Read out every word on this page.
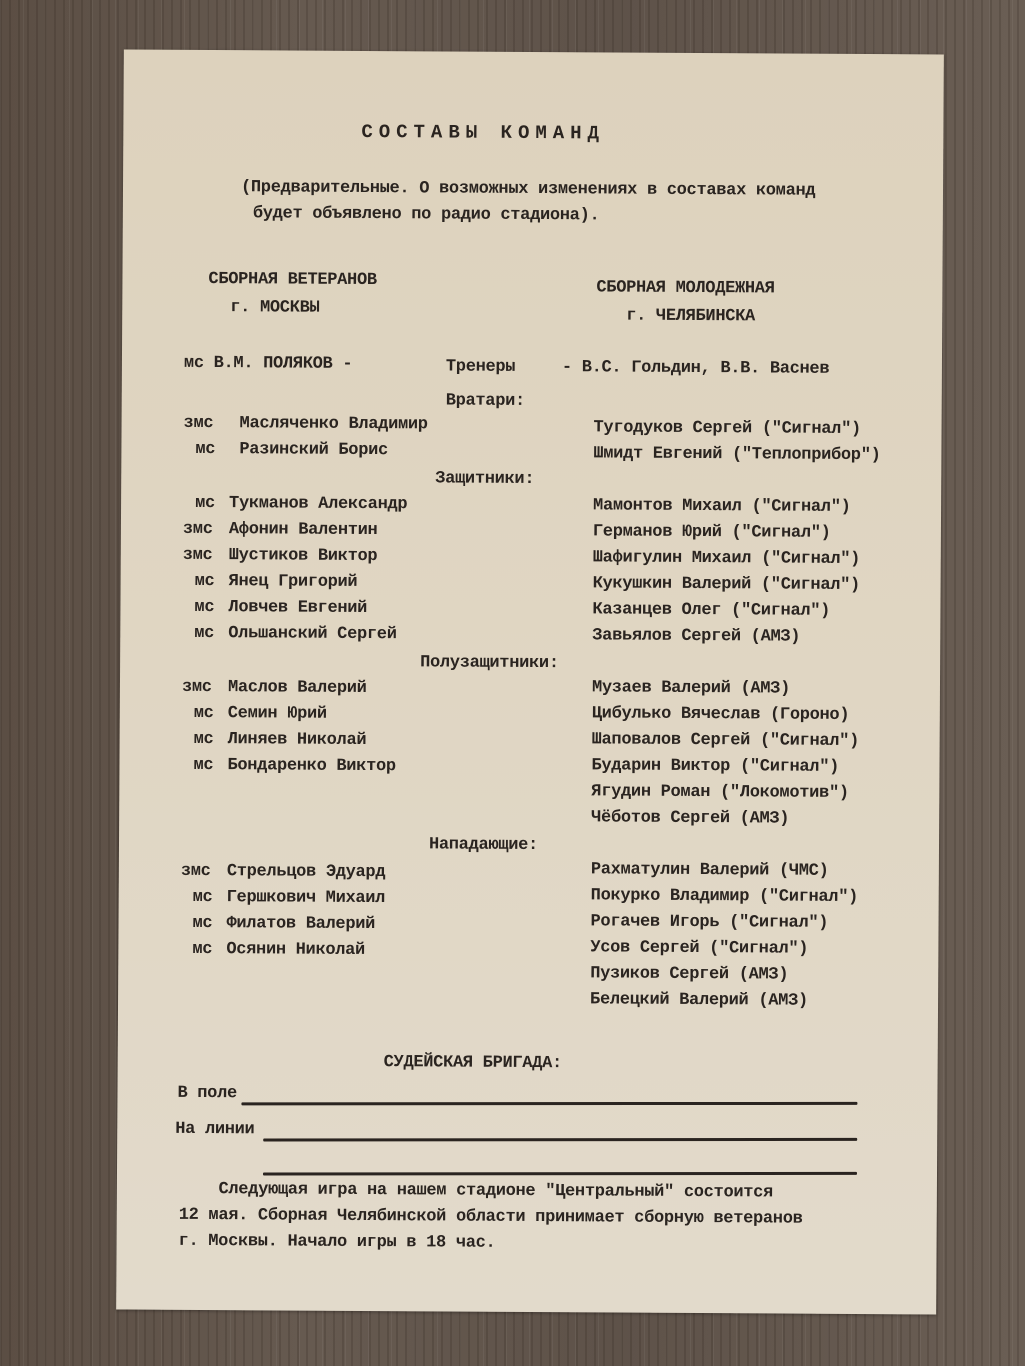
СОСТАВЫ КОМАНД
(Предварительные. О возможных изменениях в составах команд
будет объявлено по радио стадиона).
СБОРНАЯ ВЕТЕРАНОВ
г. МОСКВЫ
СБОРНАЯ МОЛОДЕЖНАЯ
г. ЧЕЛЯБИНСКА
мс В.М. ПОЛЯКОВ -	Тренеры	- В.С. Гольдин, В.В. Васнев
Вратари:
змс Масляченко Владимир
мс Разинский Борис
Тугодуков Сергей ("Сигнал")
Шмидт Евгений ("Теплоприбор")
Защитники:
мс Тукманов Александр
змс Афонин Валентин
змс Шустиков Виктор
мс Янец Григорий
мс Ловчев Евгений
мс Ольшанский Сергей
Мамонтов Михаил ("Сигнал")
Германов Юрий ("Сигнал")
Шафигулин Михаил ("Сигнал")
Кукушкин Валерий ("Сигнал")
Казанцев Олег ("Сигнал")
Завьялов Сергей (АМЗ)
Полузащитники:
змс Маслов Валерий
мс Семин Юрий
мс Линяев Николай
мс Бондаренко Виктор
Музаев Валерий (АМЗ)
Цибулько Вячеслав (Гороно)
Шаповалов Сергей ("Сигнал")
Бударин Виктор ("Сигнал")
Ягудин Роман ("Локомотив")
Чёботов Сергей (АМЗ)
Нападающие:
змс Стрельцов Эдуард
мс Гершкович Михаил
мс Филатов Валерий
мс Осянин Николай
Рахматулин Валерий (ЧМС)
Покурко Владимир ("Сигнал")
Рогачев Игорь ("Сигнал")
Усов Сергей ("Сигнал")
Пузиков Сергей (АМЗ)
Белецкий Валерий (АМЗ)
СУДЕЙСКАЯ БРИГАДА:
В поле
На линии
Следующая игра на нашем стадионе "Центральный" состоится
12 мая. Сборная Челябинской области принимает сборную ветеранов
г. Москвы. Начало игры в 18 час.
